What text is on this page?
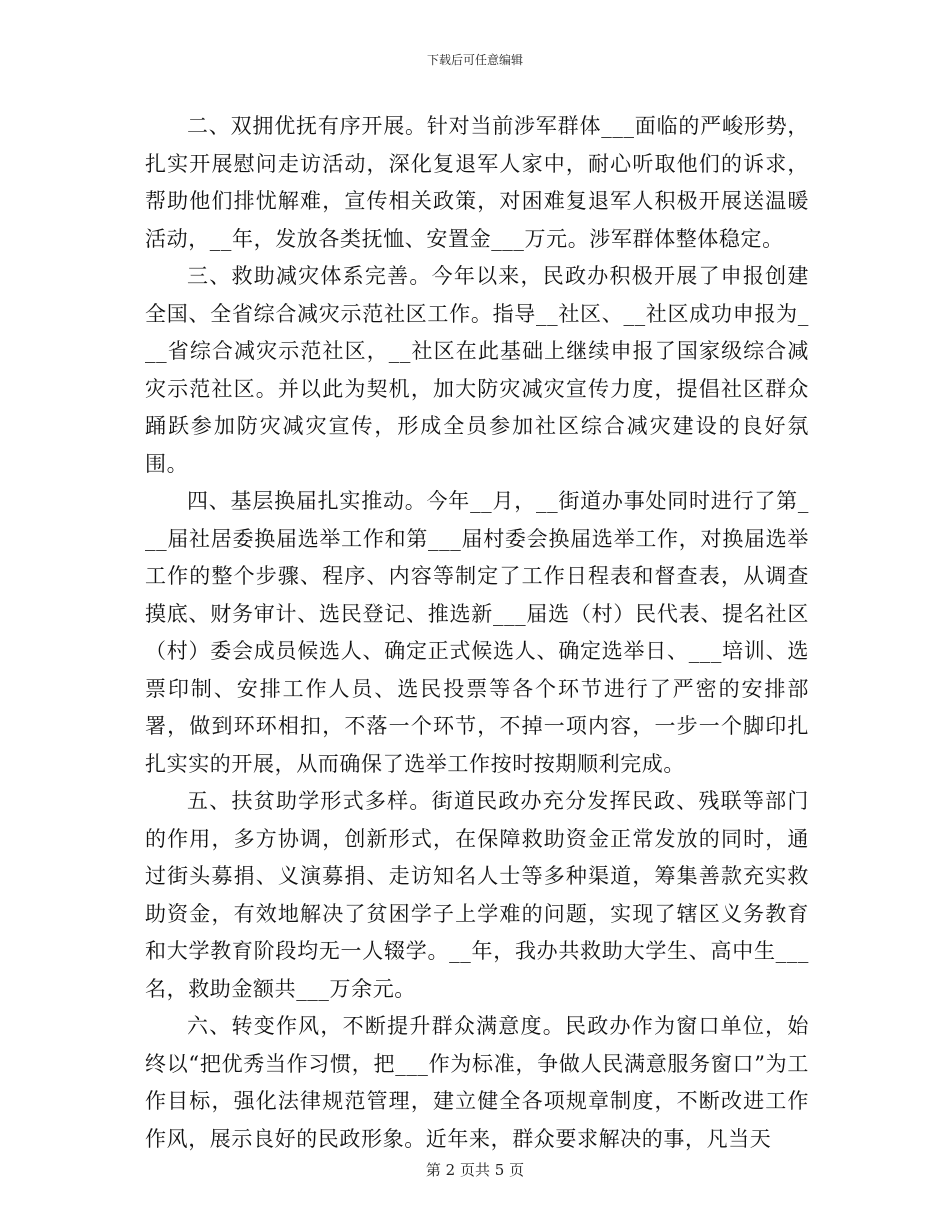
下载后可任意编辑

二、双拥优抚有序开展。针对当前涉军群体___面临的严峻形势，扎实开展慰问走访活动，深化复退军人家中，耐心听取他们的诉求，帮助他们排忧解难，宣传相关政策，对困难复退军人积极开展送温暖活动，__年，发放各类抚恤、安置金___万元。涉军群体整体稳定。

三、救助减灾体系完善。今年以来，民政办积极开展了申报创建全国、全省综合减灾示范社区工作。指导__社区、__社区成功申报为___省综合减灾示范社区，__社区在此基础上继续申报了国家级综合减灾示范社区。并以此为契机，加大防灾减灾宣传力度，提倡社区群众踊跃参加防灾减灾宣传，形成全员参加社区综合减灾建设的良好氛围。

四、基层换届扎实推动。今年__月，__街道办事处同时进行了第___届社居委换届选举工作和第___届村委会换届选举工作，对换届选举工作的整个步骤、程序、内容等制定了工作日程表和督查表，从调查摸底、财务审计、选民登记、推选新___届选（村）民代表、提名社区（村）委会成员候选人、确定正式候选人、确定选举日、___培训、选票印制、安排工作人员、选民投票等各个环节进行了严密的安排部署，做到环环相扣，不落一个环节，不掉一项内容，一步一个脚印扎扎实实的开展，从而确保了选举工作按时按期顺利完成。

五、扶贫助学形式多样。街道民政办充分发挥民政、残联等部门的作用，多方协调，创新形式，在保障救助资金正常发放的同时，通过街头募捐、义演募捐、走访知名人士等多种渠道，筹集善款充实救助资金，有效地解决了贫困学子上学难的问题，实现了辖区义务教育和大学教育阶段均无一人辍学。__年，我办共救助大学生、高中生___名，救助金额共___万余元。

六、转变作风，不断提升群众满意度。民政办作为窗口单位，始终以“把优秀当作习惯，把___作为标准，争做人民满意服务窗口”为工作目标，强化法律规范管理，建立健全各项规章制度，不断改进工作作风，展示良好的民政形象。近年来，群众要求解决的事，凡当天

第 2 页共 5 页
